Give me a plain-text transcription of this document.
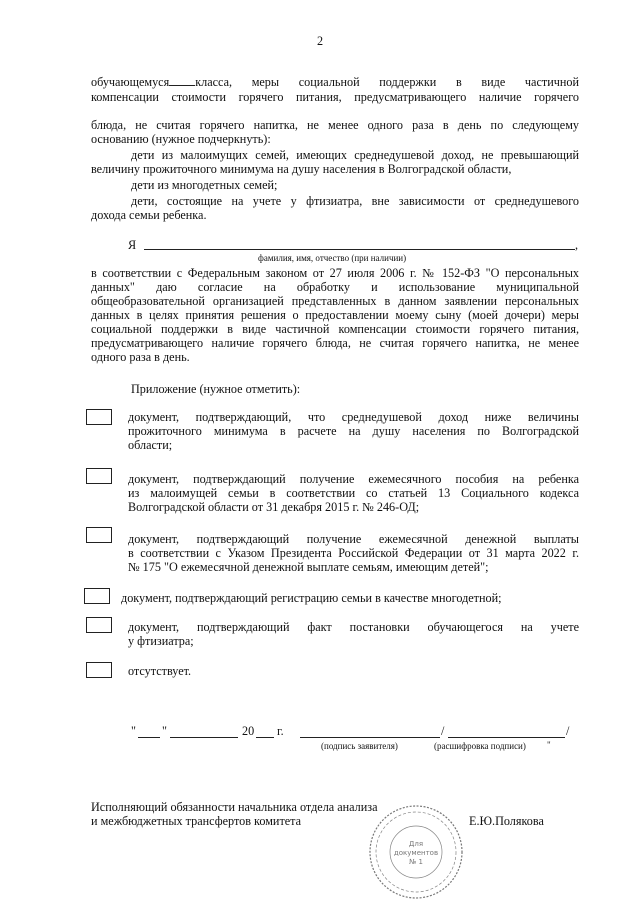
2
обучающемуся класса, меры социальной поддержки в виде частичной
компенсации стоимости горячего питания, предусматривающего наличие горячего
блюда, не считая горячего напитка, не менее одного раза в день по следующему
основанию (нужное подчеркнуть):
дети из малоимущих семей, имеющих среднедушевой доход, не превышающий
величину прожиточного минимума на душу населения в Волгоградской области,
дети из многодетных семей;
дети, состоящие на учете у фтизиатра, вне зависимости от среднедушевого
дохода семьи ребенка.
Я	,
фамилия, имя, отчество (при наличии)
в соответствии с Федеральным законом от 27 июля 2006 г. № 152-ФЗ "О персональных
данных" даю согласие на обработку и использование муниципальной
общеобразовательной организацией представленных в данном заявлении персональных
данных в целях принятия решения о предоставлении моему сыну (моей дочери) меры
социальной поддержки в виде частичной компенсации стоимости горячего питания,
предусматривающего наличие горячего блюда, не считая горячего напитка, не менее
одного раза в день.
Приложение (нужное отметить):
документ, подтверждающий, что среднедушевой доход ниже величины
прожиточного минимума в расчете на душу населения по Волгоградской
области;
документ, подтверждающий получение ежемесячного пособия на ребенка
из малоимущей семьи в соответствии со статьей 13 Социального кодекса
Волгоградской области от 31 декабря 2015 г. № 246-ОД;
документ, подтверждающий получение ежемесячной денежной выплаты
в соответствии с Указом Президента Российской Федерации от 31 марта 2022 г.
№ 175 "О ежемесячной денежной выплате семьям, имеющим детей";
документ, подтверждающий регистрацию семьи в качестве многодетной;
документ, подтверждающий факт постановки обучающегося на учете
у фтизиатра;
отсутствует.
" "	20 г.	/	/
(подпись заявителя)	(расшифровка подписи) "
Исполняющий обязанности начальника отдела анализа
и межбюджетных трансфертов комитета	Е.Ю.Полякова
Для
документов
№ 1
